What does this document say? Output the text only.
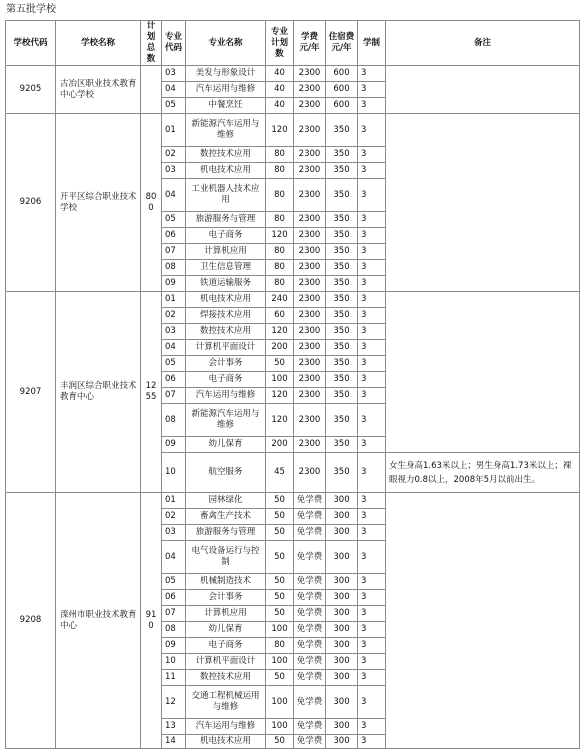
第五批学校
学校代码	学校名称	计划总数	专业代码	专业名称	专业计划数	学费元/年	住宿费元/年	学制	备注
9205	古冶区职业技术教育中心学校		03	美发与形象设计	40	2300	600	3	
			04	汽车运用与维修	40	2300	600	3	
			05	中餐烹饪	40	2300	600	3	
9206	开平区综合职业技术学校	800	01	新能源汽车运用与维修	120	2300	350	3	
			02	数控技术应用	80	2300	350	3	
			03	机电技术应用	80	2300	350	3	
			04	工业机器人技术应用	80	2300	350	3	
			05	旅游服务与管理	80	2300	350	3	
			06	电子商务	120	2300	350	3	
			07	计算机应用	80	2300	350	3	
			08	卫生信息管理	80	2300	350	3	
			09	铁道运输服务	80	2300	350	3	
9207	丰润区综合职业技术教育中心	1255	01	机电技术应用	240	2300	350	3	
			02	焊接技术应用	60	2300	350	3	
			03	数控技术应用	120	2300	350	3	
			04	计算机平面设计	200	2300	350	3	
			05	会计事务	50	2300	350	3	
			06	电子商务	100	2300	350	3	
			07	汽车运用与维修	120	2300	350	3	
			08	新能源汽车运用与维修	120	2300	350	3	
			09	幼儿保育	200	2300	350	3	
			10	航空服务	45	2300	350	3	女生身高1.63米以上；男生身高1.73米以上；裸眼视力0.8以上，2008年5月以前出生。
9208	滦州市职业技术教育中心	910	01	园林绿化	50	免学费	300	3	
			02	畜禽生产技术	50	免学费	300	3	
			03	旅游服务与管理	50	免学费	300	3	
			04	电气设备运行与控制	50	免学费	300	3	
			05	机械制造技术	50	免学费	300	3	
			06	会计事务	50	免学费	300	3	
			07	计算机应用	50	免学费	300	3	
			08	幼儿保育	100	免学费	300	3	
			09	电子商务	80	免学费	300	3	
			10	计算机平面设计	100	免学费	300	3	
			11	数控技术应用	50	免学费	300	3	
			12	交通工程机械运用与维修	100	免学费	300	3	
			13	汽车运用与维修	100	免学费	300	3	
			14	机电技术应用	50	免学费	300	3	
